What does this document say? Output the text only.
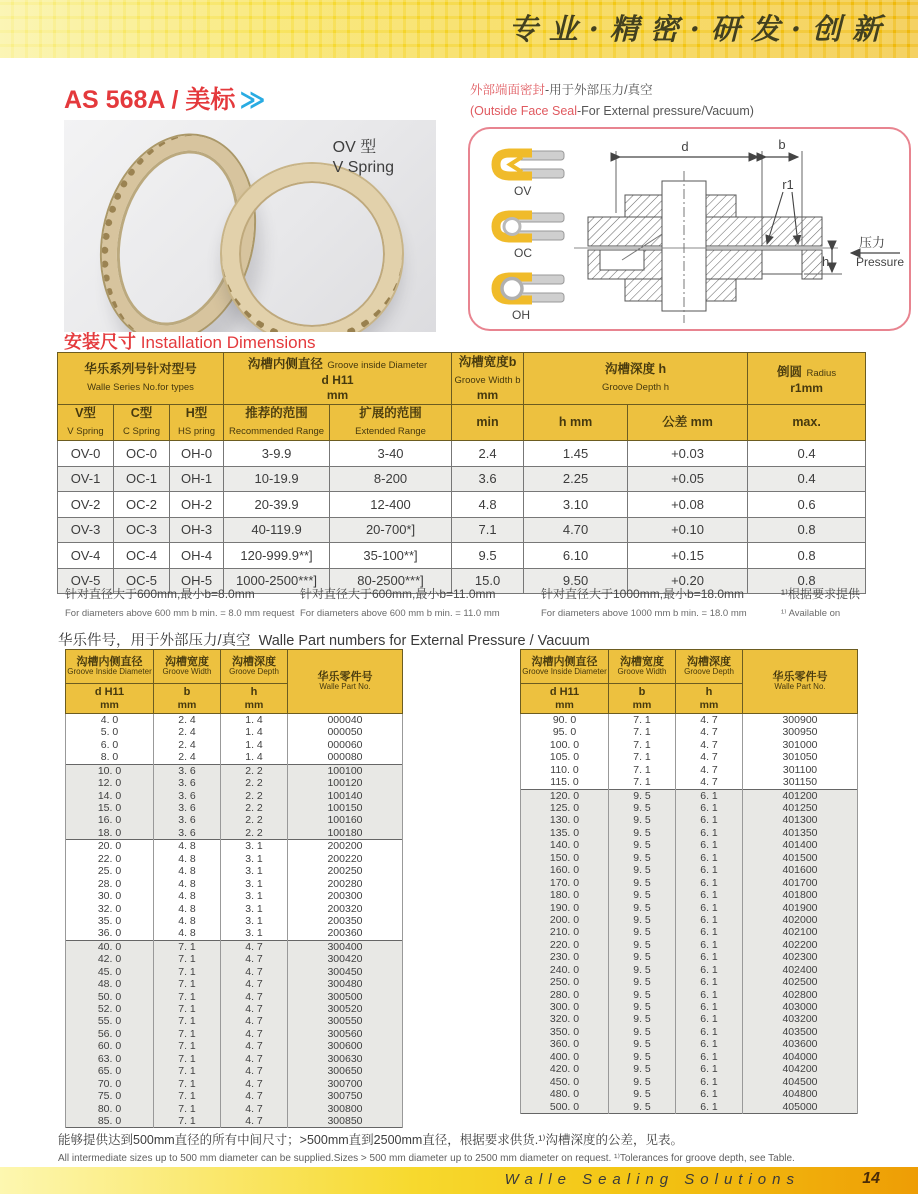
专业·精密·研发·创新
AS 568A / 美标 ≫	外部端面密封-用于外部压力/真空
(Outside Face Seal-For External pressure/Vacuum)
OV 型
V Spring
OV
OC
OH
d	b
r1
h
压力
Pressure
安装尺寸 Installation Dimensions
华乐系列号针对型号
Walle Series No.for types			沟槽内侧直径 Groove inside Diameter
d H11
mm		沟槽宽度b
Groove Width b
mm	沟槽深度 h
Groove Depth h		倒圆 Radius
r1mm

V型
V Spring	C型
C Spring	H型
HS pring	推荐的范围
Recommended Range	扩展的范围
Extended Range	min	h mm	公差 mm	max.

OV-0	OC-0	OH-0	3-9.9	3-40	2.4	1.45	+0.03	0.4
OV-1	OC-1	OH-1	10-19.9	8-200	3.6	2.25	+0.05	0.4
OV-2	OC-2	OH-2	20-39.9	12-400	4.8	3.10	+0.08	0.6
OV-3	OC-3	OH-3	40-119.9	20-700*]	7.1	4.70	+0.10	0.8
OV-4	OC-4	OH-4	120-999.9**]	35-100**]	9.5	6.10	+0.15	0.8
OV-5	OC-5	OH-5	1000-2500***]	80-2500***]	15.0	9.50	+0.20	0.8
针对直径大于600mm,最小b=8.0mm
For diameters above 600 mm b min. = 8.0 mm request
针对直径大于600mm,最小b=11.0mm
For diameters above 600 mm b min. = 11.0 mm
针对直径大于1000mm,最小b=18.0mm
For diameters above 1000 mm b min. = 18.0 mm
¹⁾根据要求提供
¹⁾ Available on
华乐件号，用于外部压力/真空 Walle Part numbers for External Pressure / Vacuum
沟槽内侧直径
Groove Inside Diameter	沟槽宽度
Groove Width	沟槽深度
Groove Depth	华乐零件号
Walle Part No.

d H11
mm	b
mm	h
mm	

4. 0	2. 4	1. 4	000040
5. 0	2. 4	1. 4	000050
6. 0	2. 4	1. 4	000060
8. 0	2. 4	1. 4	000080
10. 0	3. 6	2. 2	100100
12. 0	3. 6	2. 2	100120
14. 0	3. 6	2. 2	100140
15. 0	3. 6	2. 2	100150
16. 0	3. 6	2. 2	100160
18. 0	3. 6	2. 2	100180
20. 0	4. 8	3. 1	200200
22. 0	4. 8	3. 1	200220
25. 0	4. 8	3. 1	200250
28. 0	4. 8	3. 1	200280
30. 0	4. 8	3. 1	200300
32. 0	4. 8	3. 1	200320
35. 0	4. 8	3. 1	200350
36. 0	4. 8	3. 1	200360
40. 0	7. 1	4. 7	300400
42. 0	7. 1	4. 7	300420
45. 0	7. 1	4. 7	300450
48. 0	7. 1	4. 7	300480
50. 0	7. 1	4. 7	300500
52. 0	7. 1	4. 7	300520
55. 0	7. 1	4. 7	300550
56. 0	7. 1	4. 7	300560
60. 0	7. 1	4. 7	300600
63. 0	7. 1	4. 7	300630
65. 0	7. 1	4. 7	300650
70. 0	7. 1	4. 7	300700
75. 0	7. 1	4. 7	300750
80. 0	7. 1	4. 7	300800
85. 0	7. 1	4. 7	300850
沟槽内侧直径
Groove Inside Diameter	沟槽宽度
Groove Width	沟槽深度
Groove Depth	华乐零件号
Walle Part No.

d H11
mm	b
mm	h
mm	

90. 0	7. 1	4. 7	300900
95. 0	7. 1	4. 7	300950
100. 0	7. 1	4. 7	301000
105. 0	7. 1	4. 7	301050
110. 0	7. 1	4. 7	301100
115. 0	7. 1	4. 7	301150
120. 0	9. 5	6. 1	401200
125. 0	9. 5	6. 1	401250
130. 0	9. 5	6. 1	401300
135. 0	9. 5	6. 1	401350
140. 0	9. 5	6. 1	401400
150. 0	9. 5	6. 1	401500
160. 0	9. 5	6. 1	401600
170. 0	9. 5	6. 1	401700
180. 0	9. 5	6. 1	401800
190. 0	9. 5	6. 1	401900
200. 0	9. 5	6. 1	402000
210. 0	9. 5	6. 1	402100
220. 0	9. 5	6. 1	402200
230. 0	9. 5	6. 1	402300
240. 0	9. 5	6. 1	402400
250. 0	9. 5	6. 1	402500
280. 0	9. 5	6. 1	402800
300. 0	9. 5	6. 1	403000
320. 0	9. 5	6. 1	403200
350. 0	9. 5	6. 1	403500
360. 0	9. 5	6. 1	403600
400. 0	9. 5	6. 1	404000
420. 0	9. 5	6. 1	404200
450. 0	9. 5	6. 1	404500
480. 0	9. 5	6. 1	404800
500. 0	9. 5	6. 1	405000
能够提供达到500mm直径的所有中间尺寸；>500mm直到2500mm直径，根据要求供货.¹⁾沟槽深度的公差，见表。
All intermediate sizes up to 500 mm diameter can be supplied.Sizes > 500 mm diameter up to 2500 mm diameter on request. ¹⁾Tolerances for groove depth, see Table.
Walle Sealing Solutions	14
